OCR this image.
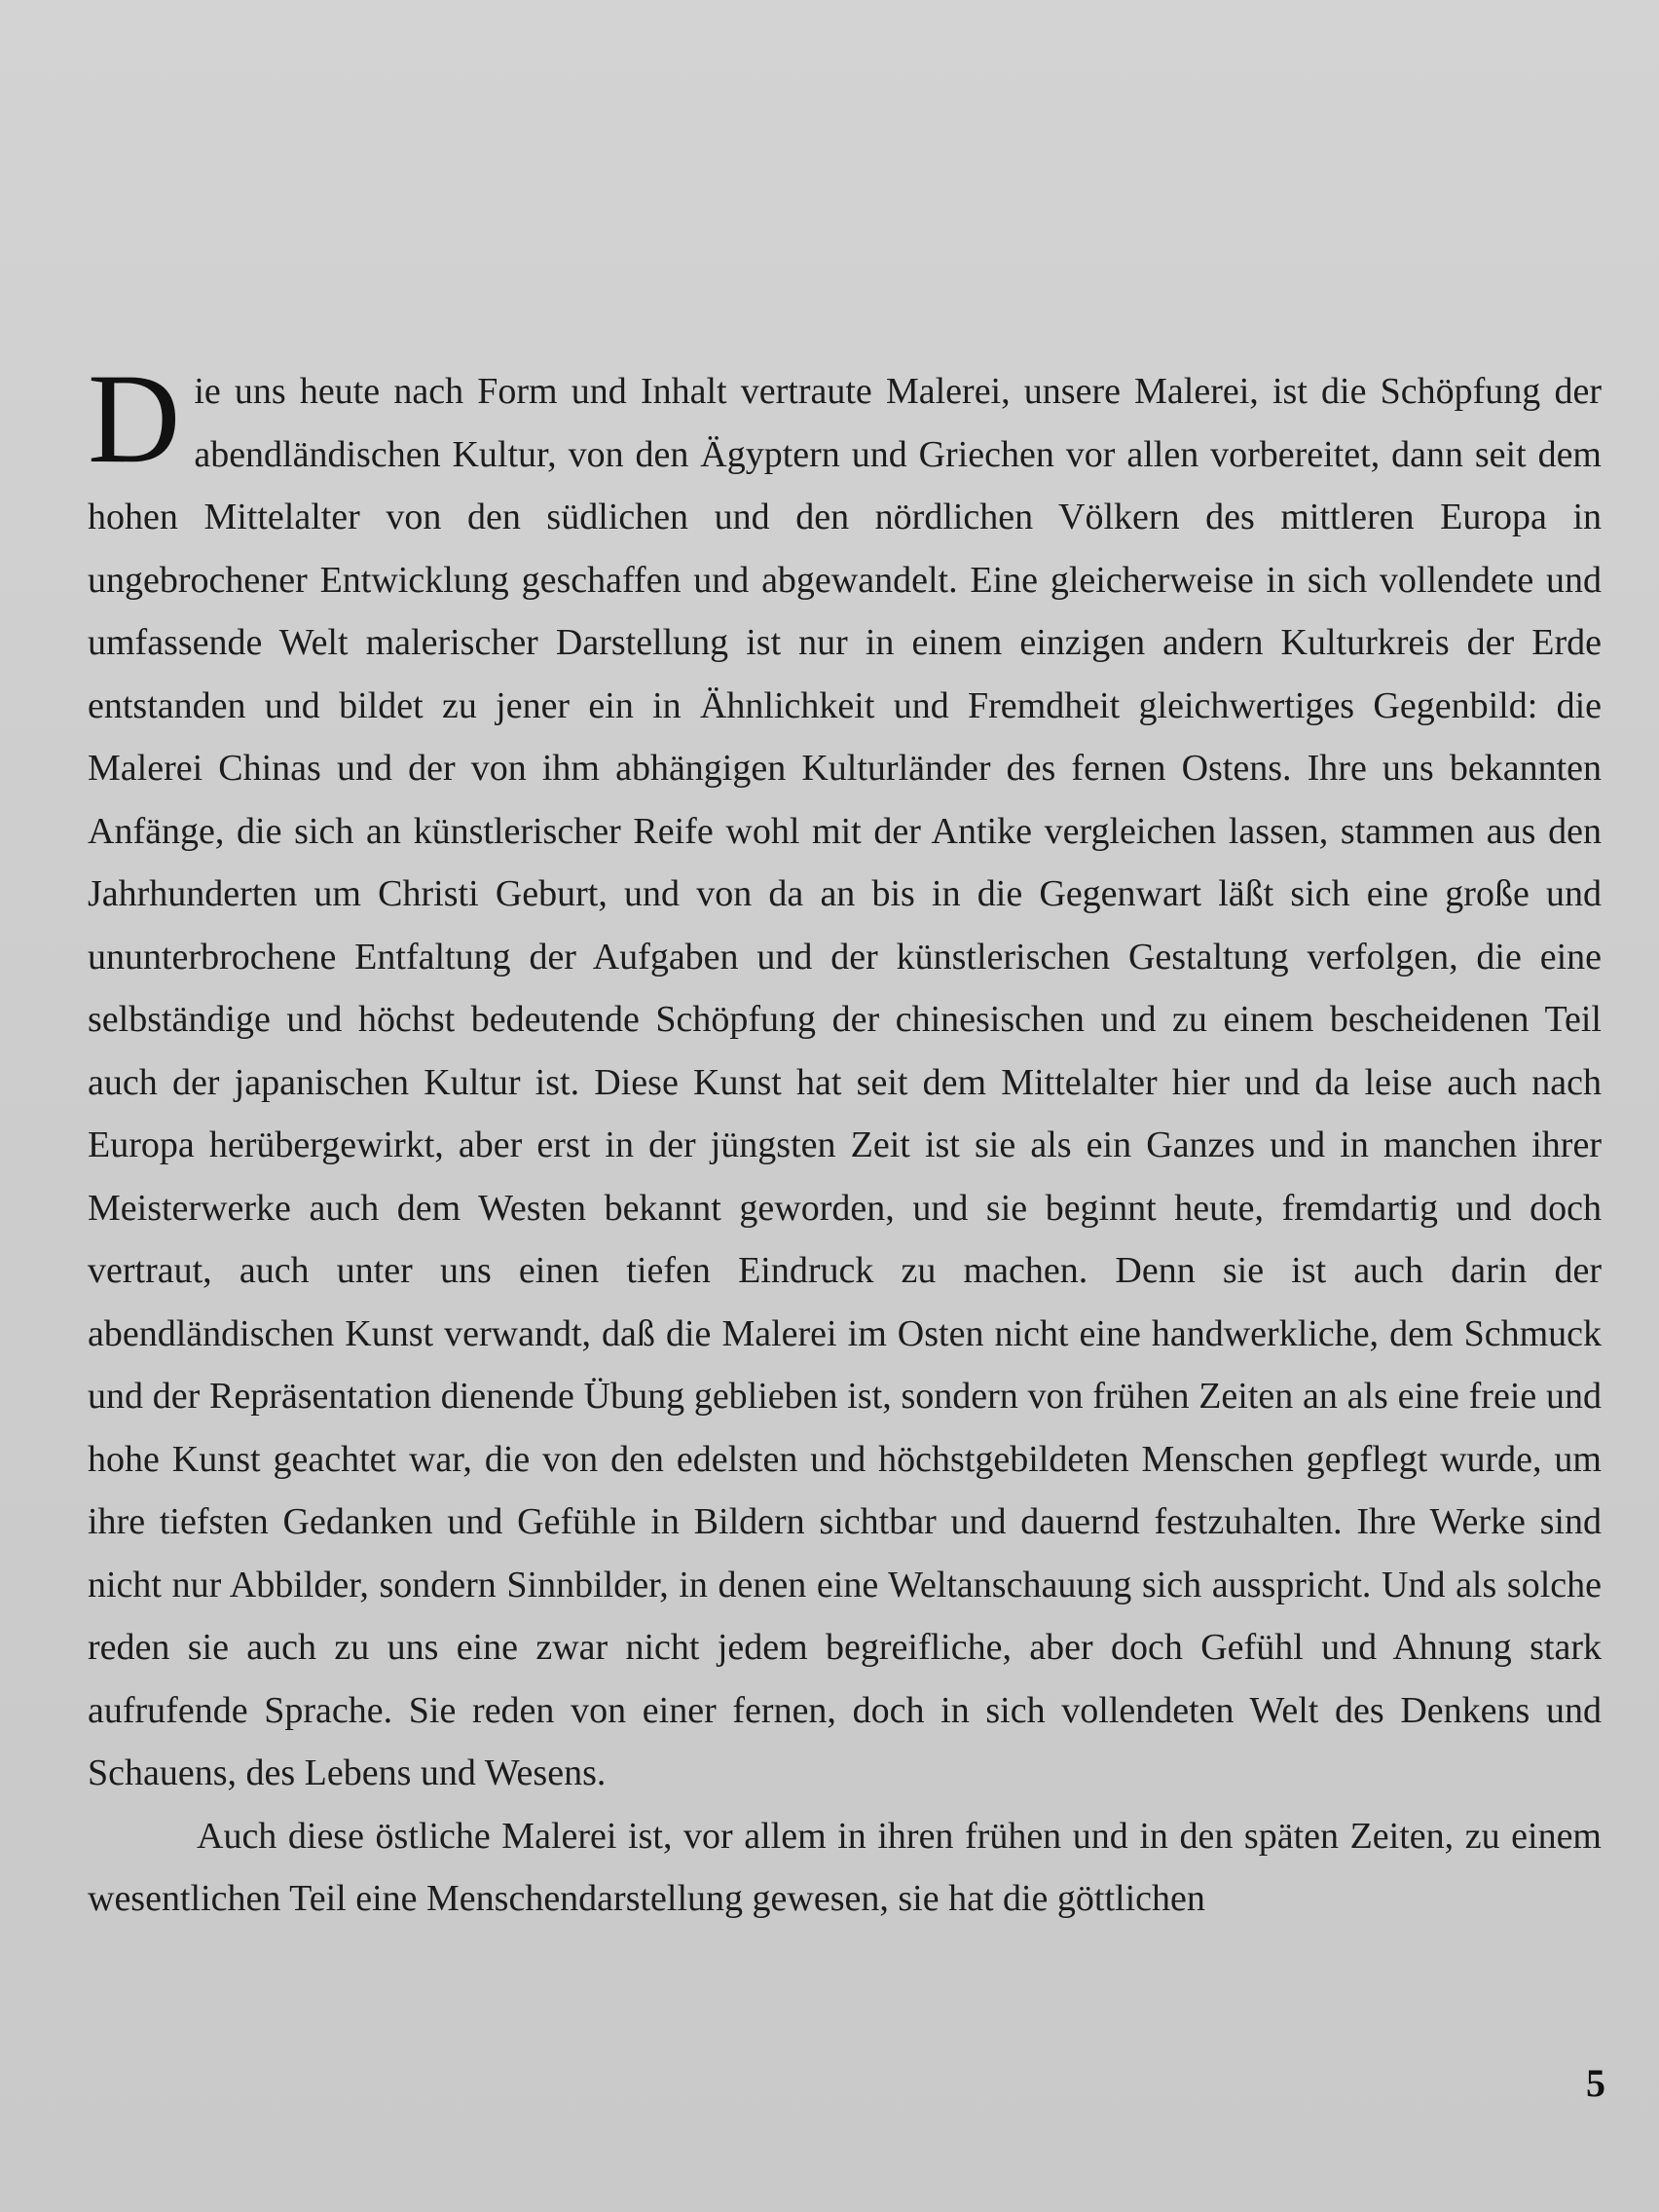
Die uns heute nach Form und Inhalt vertraute Malerei, unsere Malerei, ist die Schöpfung der abendländischen Kultur, von den Ägyptern und Griechen vor allen vorbereitet, dann seit dem hohen Mittelalter von den südlichen und den nördlichen Völkern des mittleren Europa in ungebrochener Entwicklung geschaffen und abgewandelt. Eine gleicherweise in sich vollendete und umfassende Welt malerischer Darstellung ist nur in einem einzigen andern Kulturkreis der Erde entstanden und bildet zu jener ein in Ähnlichkeit und Fremdheit gleichwertiges Gegenbild: die Malerei Chinas und der von ihm abhängigen Kulturländer des fernen Ostens. Ihre uns bekannten Anfänge, die sich an künstlerischer Reife wohl mit der Antike vergleichen lassen, stammen aus den Jahrhunderten um Christi Geburt, und von da an bis in die Gegenwart läßt sich eine große und ununterbrochene Entfaltung der Aufgaben und der künstlerischen Gestaltung verfolgen, die eine selbständige und höchst bedeutende Schöpfung der chinesischen und zu einem bescheidenen Teil auch der japanischen Kultur ist. Diese Kunst hat seit dem Mittelalter hier und da leise auch nach Europa herübergewirkt, aber erst in der jüngsten Zeit ist sie als ein Ganzes und in manchen ihrer Meisterwerke auch dem Westen bekannt geworden, und sie beginnt heute, fremdartig und doch vertraut, auch unter uns einen tiefen Eindruck zu machen. Denn sie ist auch darin der abendländischen Kunst verwandt, daß die Malerei im Osten nicht eine handwerkliche, dem Schmuck und der Repräsentation dienende Übung geblieben ist, sondern von frühen Zeiten an als eine freie und hohe Kunst geachtet war, die von den edelsten und höchstgebildeten Menschen gepflegt wurde, um ihre tiefsten Gedanken und Gefühle in Bildern sichtbar und dauernd festzuhalten. Ihre Werke sind nicht nur Abbilder, sondern Sinnbilder, in denen eine Weltanschauung sich ausspricht. Und als solche reden sie auch zu uns eine zwar nicht jedem begreifliche, aber doch Gefühl und Ahnung stark aufrufende Sprache. Sie reden von einer fernen, doch in sich vollendeten Welt des Denkens und Schauens, des Lebens und Wesens.

Auch diese östliche Malerei ist, vor allem in ihren frühen und in den späten Zeiten, zu einem wesentlichen Teil eine Menschendarstellung gewesen, sie hat die göttlichen

5
